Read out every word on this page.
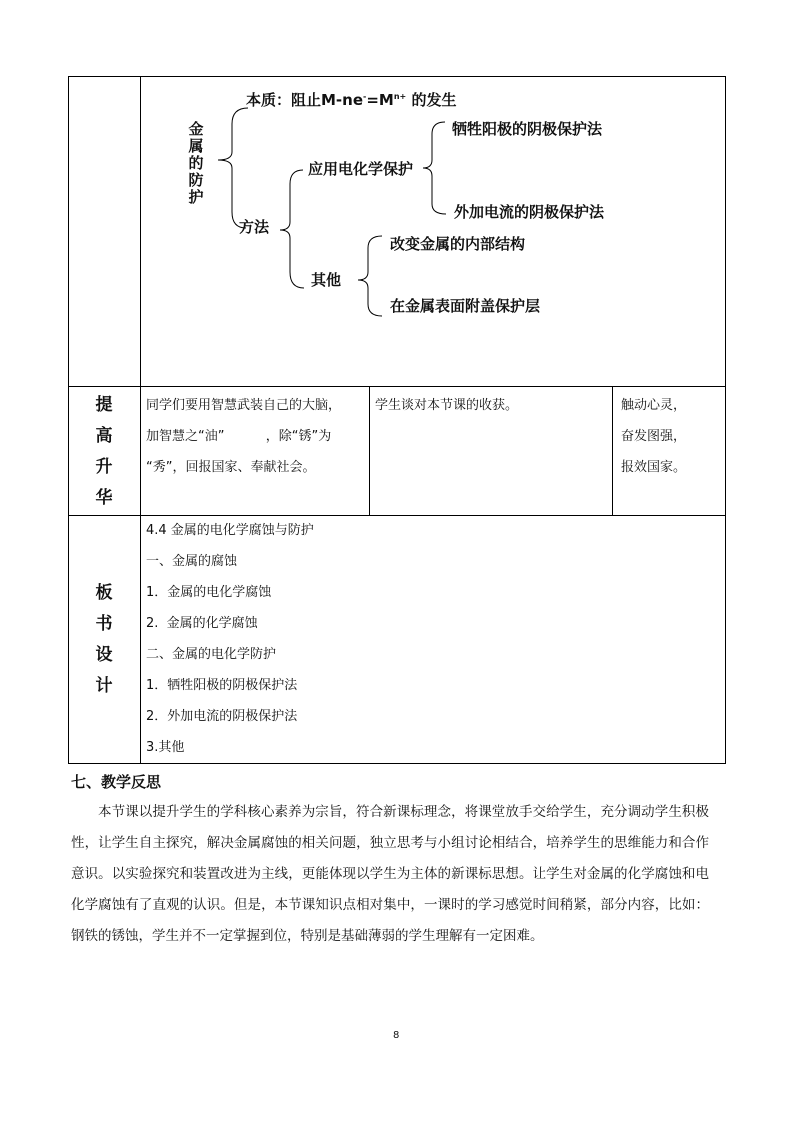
金属的防护
本质：阻止$M-ne^-=M^{n+}$ 的发生
方法
应用电化学保护
牺牲阳极的阴极保护法
外加电流的阴极保护法
其他
改变金属的内部结构
在金属表面附盖保护层
提
高
升
华
同学们要用智慧武装自己的大脑，
加智慧之“油”          ，除“锈”为
“秀”，回报国家、奉献社会。
学生谈对本节课的收获。	触动心灵，
奋发图强，
报效国家。
板
书
设
计
4.4 金属的电化学腐蚀与防护
一、金属的腐蚀
1．金属的电化学腐蚀
2.  金属的化学腐蚀
二、金属的电化学防护
1．牺牲阳极的阴极保护法
2．外加电流的阴极保护法
3.其他
七、教学反思
本节课以提升学生的学科核心素养为宗旨，符合新课标理念，将课堂放手交给学生，充分调动学生积极性，让学生自主探究，解决金属腐蚀的相关问题，独立思考与小组讨论相结合，培养学生的思维能力和合作意识。以实验探究和装置改进为主线，更能体现以学生为主体的新课标思想。让学生对金属的化学腐蚀和电化学腐蚀有了直观的认识。但是，本节课知识点相对集中，一课时的学习感觉时间稍紧，部分内容，比如：钢铁的锈蚀，学生并不一定掌握到位，特别是基础薄弱的学生理解有一定困难。
8
